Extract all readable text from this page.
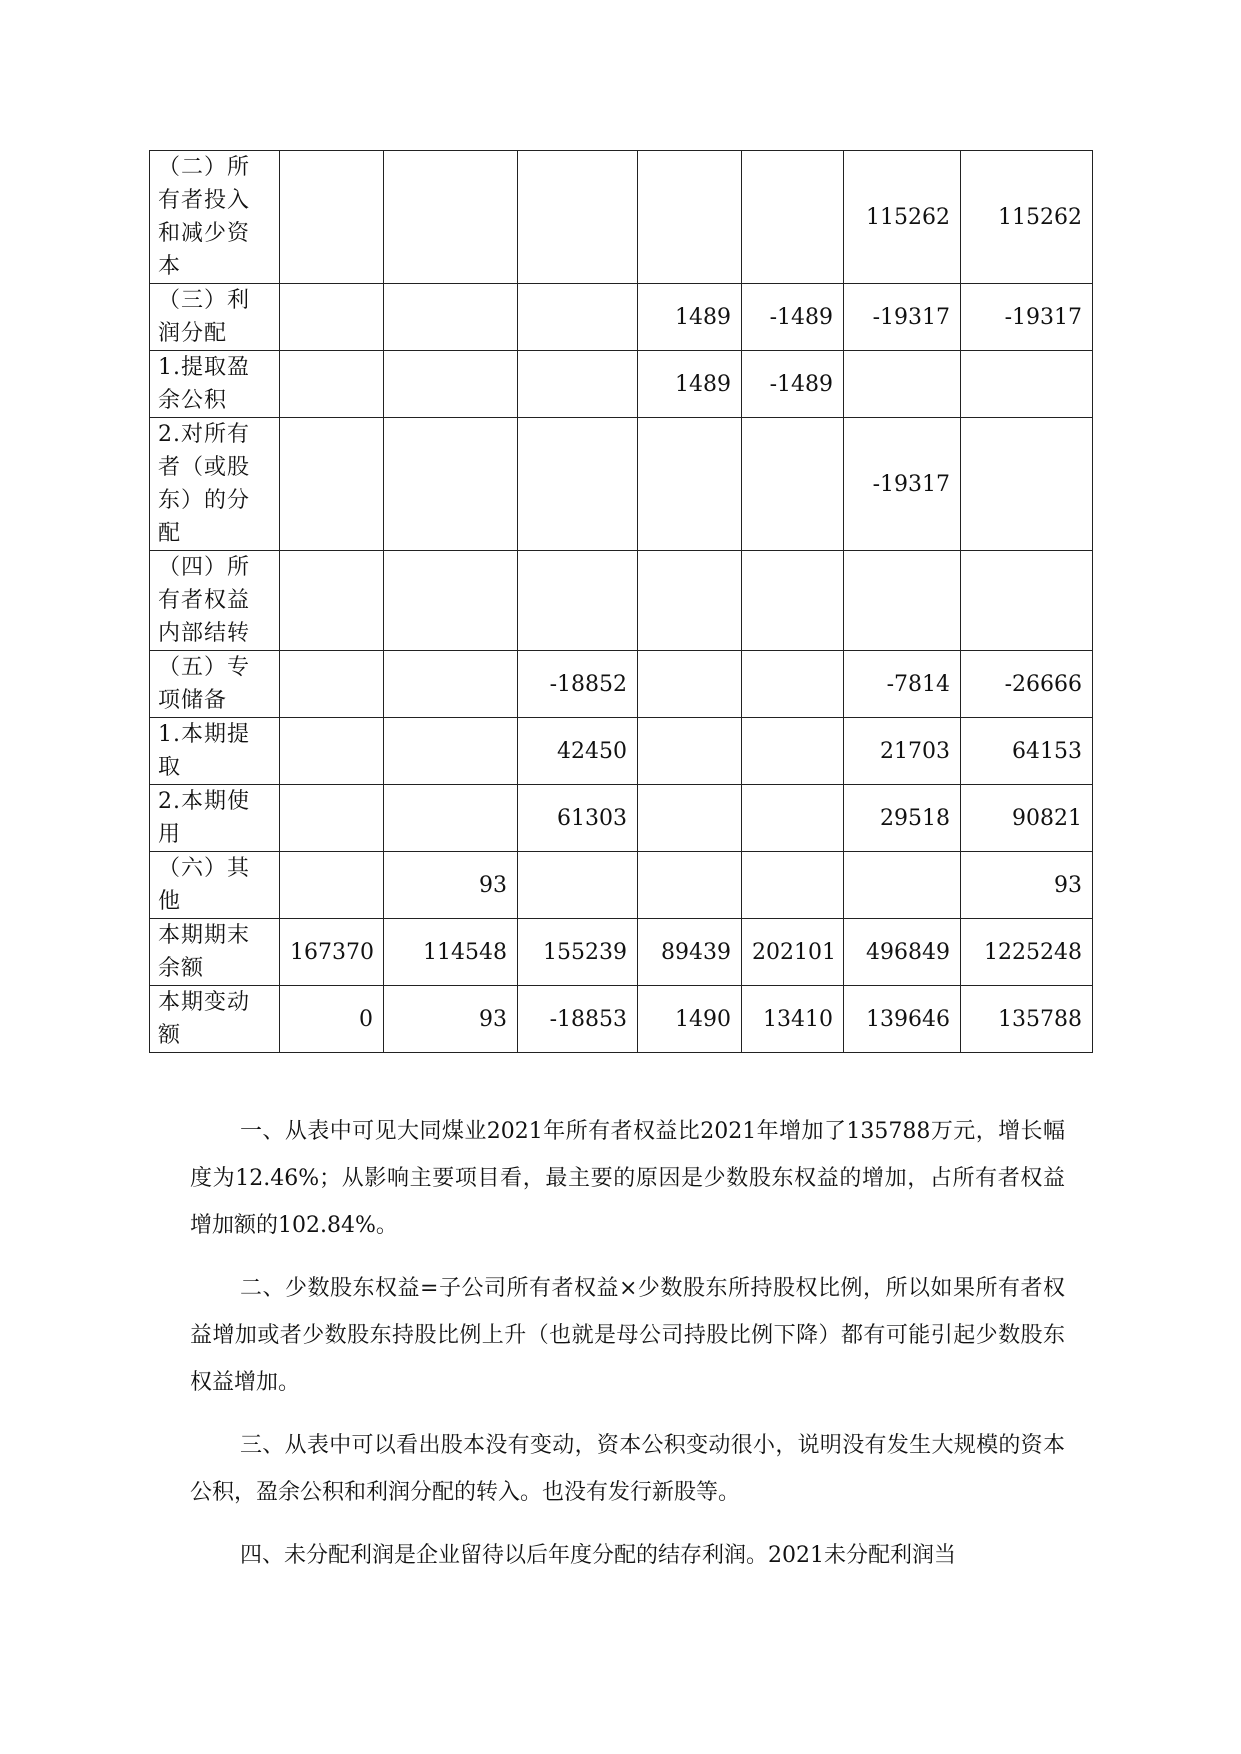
（二）所有者投入和减少资本						115262	115262
（三）利润分配				1489	-1489	-19317	-19317
1.提取盈余公积				1489	-1489		
2.对所有者（或股东）的分配						-19317	
（四）所有者权益内部结转							
（五）专项储备			-18852			-7814	-26666
1.本期提取			42450			21703	64153
2.本期使用			61303			29518	90821
（六）其他		93					93
本期期末余额	167370	114548	155239	89439	202101	496849	1225248
本期变动额	0	93	-18853	1490	13410	139646	135788

一、从表中可见大同煤业2021年所有者权益比2021年增加了135788万元，增长幅度为12.46%；从影响主要项目看，最主要的原因是少数股东权益的增加，占所有者权益增加额的102.84%。

二、少数股东权益=子公司所有者权益×少数股东所持股权比例，所以如果所有者权益增加或者少数股东持股比例上升（也就是母公司持股比例下降）都有可能引起少数股东权益增加。

三、从表中可以看出股本没有变动，资本公积变动很小，说明没有发生大规模的资本公积，盈余公积和利润分配的转入。也没有发行新股等。

四、未分配利润是企业留待以后年度分配的结存利润。2021未分配利润当
